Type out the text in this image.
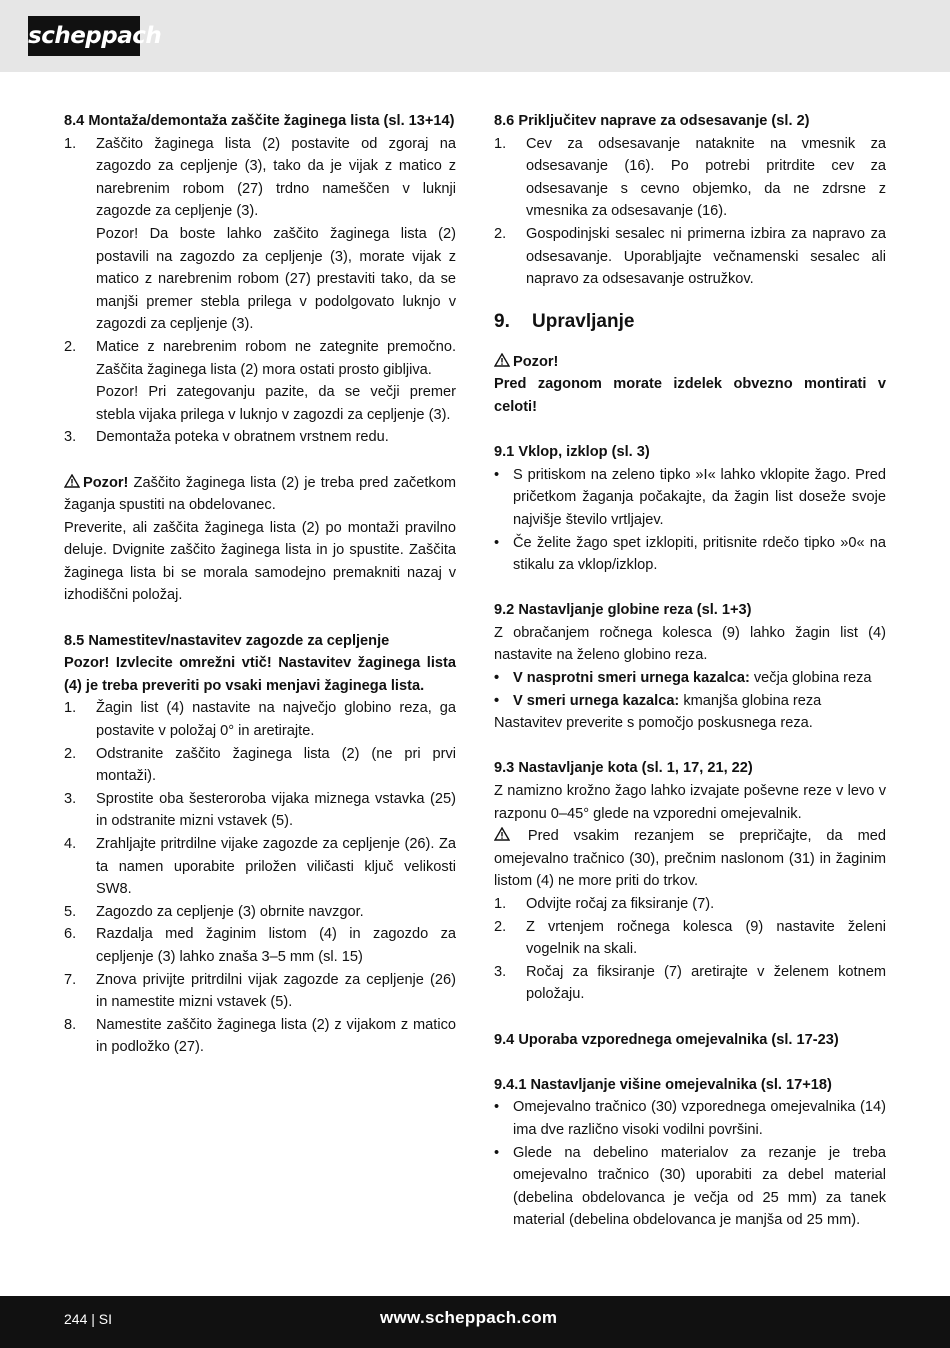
scheppach
8.4 Montaža/demontaža zaščite žaginega lista (sl. 13+14)
1. Zaščito žaginega lista (2) postavite od zgoraj na zagozdo za cepljenje (3), tako da je vijak z matico z narebrenim robom (27) trdno nameščen v luknji zagozde za cepljenje (3).
Pozor! Da boste lahko zaščito žaginega lista (2) postavili na zagozdo za cepljenje (3), morate vijak z matico z narebrenim robom (27) prestaviti tako, da se manjši premer stebla prilega v podolgovato luknjo v zagozdi za cepljenje (3).
2. Matice z narebrenim robom ne zategnite premočno. Zaščita žaginega lista (2) mora ostati prosto gibljiva.
Pozor! Pri zategovanju pazite, da se večji premer stebla vijaka prilega v luknjo v zagozdi za cepljenje (3).
3. Demontaža poteka v obratnem vrstnem redu.
Pozor! Zaščito žaginega lista (2) je treba pred začetkom žaganja spustiti na obdelovanec.
Preverite, ali zaščita žaginega lista (2) po montaži pravilno deluje. Dvignite zaščito žaginega lista in jo spustite. Zaščita žaginega lista bi se morala samodejno premakniti nazaj v izhodiščni položaj.
8.5 Namestitev/nastavitev zagozde za cepljenje
Pozor! Izvlecite omrežni vtič! Nastavitev žaginega lista (4) je treba preveriti po vsaki menjavi žaginega lista.
1. Žagin list (4) nastavite na največjo globino reza, ga postavite v položaj 0° in aretirajte.
2. Odstranite zaščito žaginega lista (2) (ne pri prvi montaži).
3. Sprostite oba šesteroroba vijaka miznega vstavka (25) in odstranite mizni vstavek (5).
4. Zrahljajte pritrdilne vijake zagozde za cepljenje (26). Za ta namen uporabite priložen viličasti ključ velikosti SW8.
5. Zagozdo za cepljenje (3) obrnite navzgor.
6. Razdalja med žaginim listom (4) in zagozdo za cepljenje (3) lahko znaša 3–5 mm (sl. 15)
7. Znova privijte pritrdilni vijak zagozde za cepljenje (26) in namestite mizni vstavek (5).
8. Namestite zaščito žaginega lista (2) z vijakom z matico in podložko (27).
8.6 Priključitev naprave za odsesavanje (sl. 2)
1. Cev za odsesavanje nataknite na vmesnik za odsesavanje (16). Po potrebi pritrdite cev za odsesavanje s cevno objemko, da ne zdrsne z vmesnika za odsesavanje (16).
2. Gospodinjski sesalec ni primerna izbira za napravo za odsesavanje. Uporabljajte večnamenski sesalec ali napravo za odsesavanje ostružkov.
9. Upravljanje
Pozor!
Pred zagonom morate izdelek obvezno montirati v celoti!
9.1 Vklop, izklop (sl. 3)
• S pritiskom na zeleno tipko »I« lahko vklopite žago. Pred pričetkom žaganja počakajte, da žagin list doseže svoje najvišje število vrtljajev.
• Če želite žago spet izklopiti, pritisnite rdečo tipko »0« na stikalu za vklop/izklop.
9.2 Nastavljanje globine reza (sl. 1+3)
Z obračanjem ročnega kolesca (9) lahko žagin list (4) nastavite na želeno globino reza.
• V nasprotni smeri urnega kazalca: večja globina reza
• V smeri urnega kazalca: kmanjša globina reza
Nastavitev preverite s pomočjo poskusnega reza.
9.3 Nastavljanje kota (sl. 1, 17, 21, 22)
Z namizno krožno žago lahko izvajate poševne reze v levo v razponu 0–45° glede na vzporedni omejevalnik.
Pred vsakim rezanjem se prepričajte, da med omejevalno tračnico (30), prečnim naslonom (31) in žaginim listom (4) ne more priti do trkov.
1. Odvijte ročaj za fiksiranje (7).
2. Z vrtenjem ročnega kolesca (9) nastavite želeni vogelnik na skali.
3. Ročaj za fiksiranje (7) aretirajte v želenem kotnem položaju.
9.4 Uporaba vzporednega omejevalnika (sl. 17-23)
9.4.1 Nastavljanje višine omejevalnika (sl. 17+18)
• Omejevalno tračnico (30) vzporednega omejevalnika (14) ima dve različno visoki vodilni površini.
• Glede na debelino materialov za rezanje je treba omejevalno tračnico (30) uporabiti za debel material (debelina obdelovanca je večja od 25 mm) za tanek material (debelina obdelovanca je manjša od 25 mm).
244 | SI	www.scheppach.com
